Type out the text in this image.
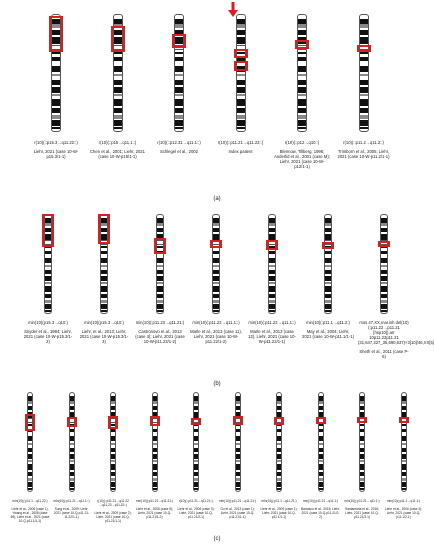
r(10)(::p15.3→q11.22::)
Liehr, 2021 (case 10-W-p15.3/1-1)
r(10)(::p15→q11.1::)
Chen et al., 2001; Liehr, 2021 (case 10-W-p15/1-1)
r(10)(::p12.31→q11.1::)
Schlegel et al., 2002
r(10)(::p11.21→q11.23::)
Index patient
r(10)(::p12→q10::)
Blennow, Tillberg, 1996; Anderlid et al., 2001 (case M); Liehr, 2021 (case 10-W-p12/1-1)
r(10)(::p11.2→q11.2::)
Trimborn et al., 2005; Liehr, 2021 (case 10-W-p11.2/1-1)
(a)
min(10)(p15.3→q10:)
Snyder et al., 1984; Liehr, 2021 (case 10-W-p15.3/1-2)
min(10)(p15.3→q10:)
Liehr, et al., 2013; Liehr, 2021 (case 10-W-p15.3/1-3)
min(10)(:p11.23→q11.21:)
Castronovo et al., 2013 (case 4); Liehr, 2021 (case 10-W-p11.23/1-2)
min(10)(:p11.22→q11.1::)
Marle et al., 2013 (case 11), Liehr, 2021 (case 10-W-p11.22/1-2)
min(10)(:p11.22→q11.1::)
Marle et al., 2013 (case 12), Liehr, 2021 (case 10-W-p11.22/1-1)
min(10)(:p11.1→q11.2:)
May et al., 2004; Liehr, 2021 (case 10-W-p11.1/1-1)
mos 47,XX,mar.ish del(10)(:p11.22→p11.21 [hsp10]).arr 10p11.22p11.21 (31,647,327_35,690,637)×3[10]/46,XX[5]
Sheth et al., 2011 (case P-6)
(b)
min(10)(:p11.1→q11.22:)
Liehr et al., 2006 (case 1), Hoang et al., 2008 (case 69); Liehr et al., 2021 (case 10-Q-p11.1/1-1)
min(10)(:p11.21→q11.1::)
Sung et al., 2009; Liehr, 2021 (case 10-Q-p11.21-11.22/1-1)
r(10)(::p11.21→q11.22 →q11.23→p11.22::)
Liehr et al., 2009 (case 2); Liehr, 2021 (case 10-Q-p11.21/1-1)
min(10)(:p11.21→q11.21:)
Liehr et al., 2006 (case 5); Liehr, 2021 (case 10-Q-p11.21/1-2)
r(10)(::p11.21→q11.21::)
Liehr et al., 2006 (case 3); Liehr, 2021 (case 10-Q-p11.21/2-1)
min(10)(:p11.21→q11.21:)
Gu et al., 2013 (case 1); Liehr, 2021 (case 10-Q-p11.21/1-1)
min(10)(:p11.1→q11.21:)
Liehr et al., 2009 (case 1); Liehr, 2021 (case 10-Q-p11.1/1-1)
min(10)(:p11.21→q11.1:)
Barrasco et al., 2016; Liehr, 2021 (case 10-Q-p11.21/2-2)
min(10)(:p11.21→q11.1:)
Santamaria et al., 2016; Liehr, 2021 (case 10-Q-p11.21/3-1)
min(10)(:p11.1→q11.1:)
Liehr et al., 2006 (case 4); Liehr, 2021 (case 10-Q-p11.1/2-1)
(c)
